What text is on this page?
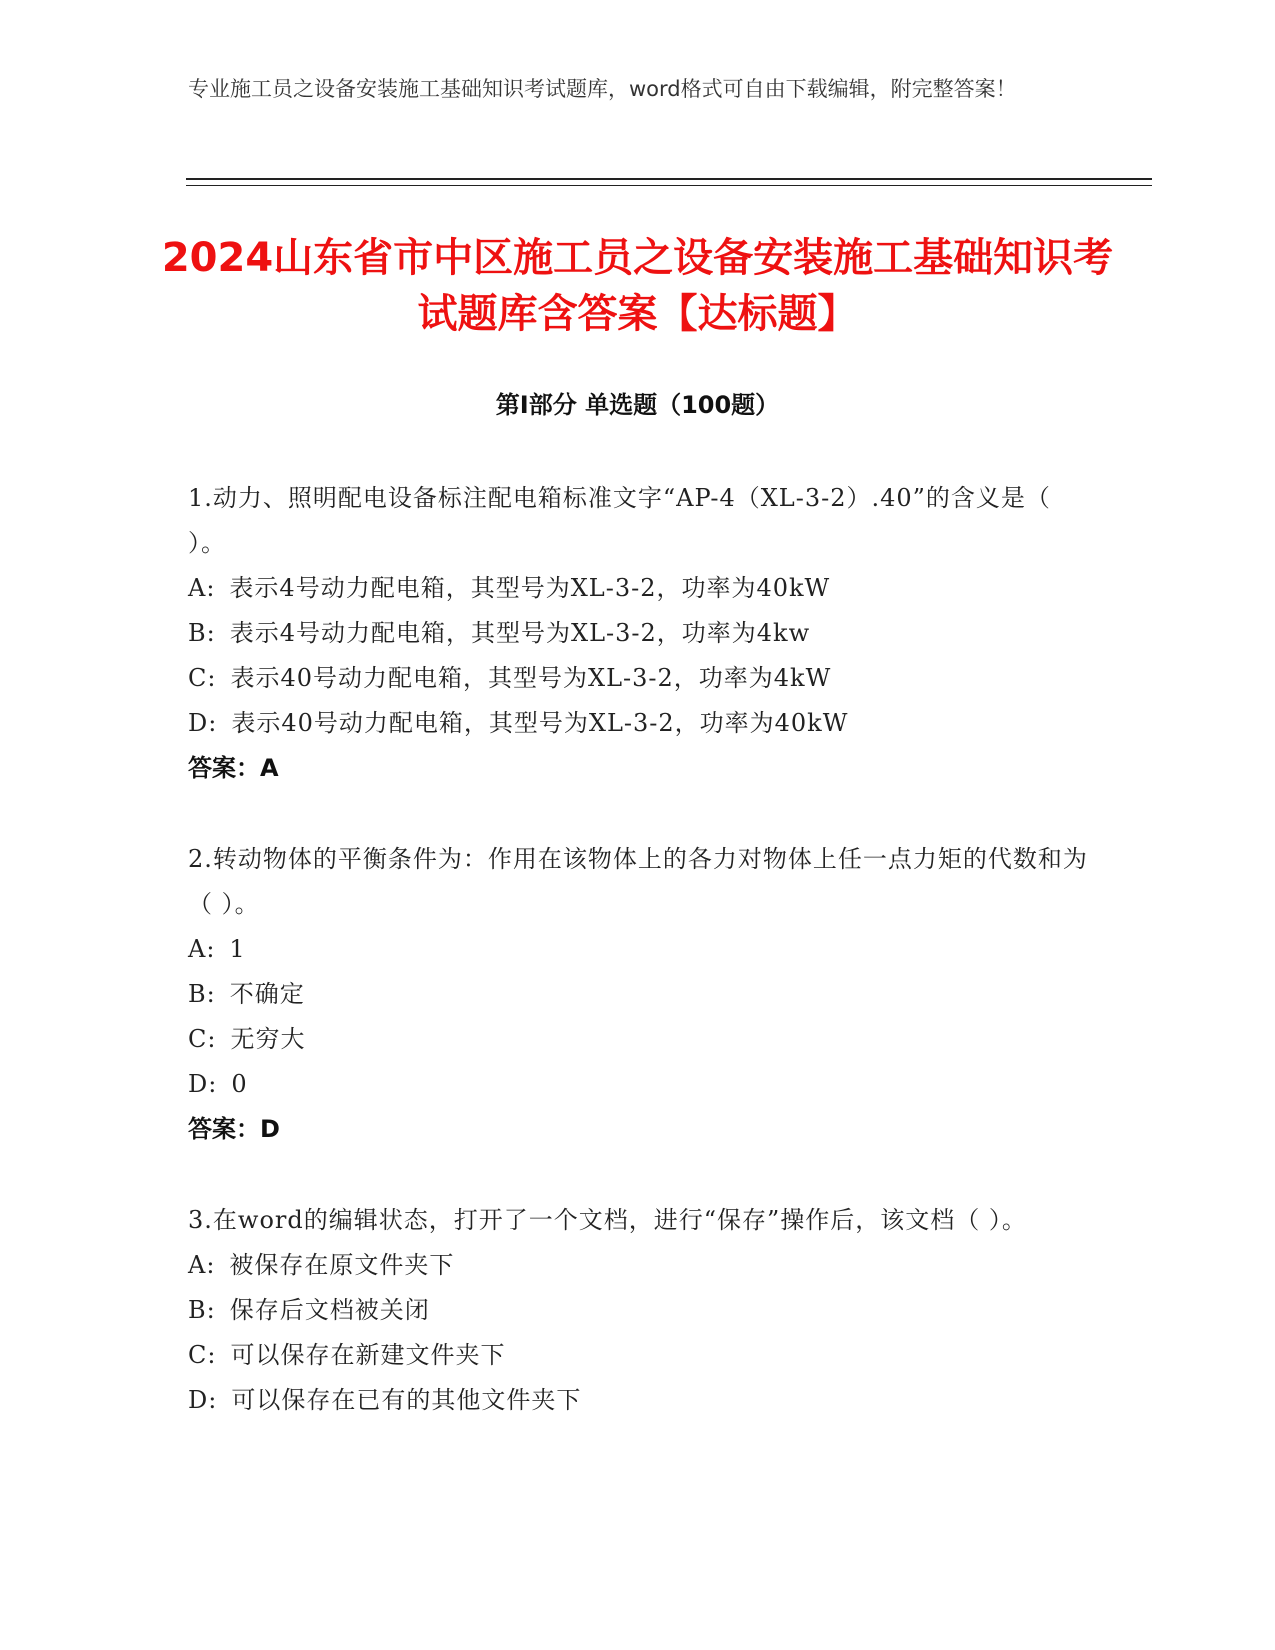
专业施工员之设备安装施工基础知识考试题库，word格式可自由下载编辑，附完整答案！
2024山东省市中区施工员之设备安装施工基础知识考试题库含答案【达标题】
第Ⅰ部分 单选题（100题）
1.动力、照明配电设备标注配电箱标准文字“AP-4（XL-3-2）.40”的含义是（ ）。
A: 表示4号动力配电箱，其型号为XL-3-2，功率为40kW
B: 表示4号动力配电箱，其型号为XL-3-2，功率为4kw
C: 表示40号动力配电箱，其型号为XL-3-2，功率为4kW
D: 表示40号动力配电箱，其型号为XL-3-2，功率为40kW
答案：A
2.转动物体的平衡条件为：作用在该物体上的各力对物体上任一点力矩的代数和为（ ）。
A: 1
B: 不确定
C: 无穷大
D: 0
答案：D
3.在word的编辑状态，打开了一个文档，进行“保存”操作后，该文档（ ）。
A: 被保存在原文件夹下
B: 保存后文档被关闭
C: 可以保存在新建文件夹下
D: 可以保存在已有的其他文件夹下
